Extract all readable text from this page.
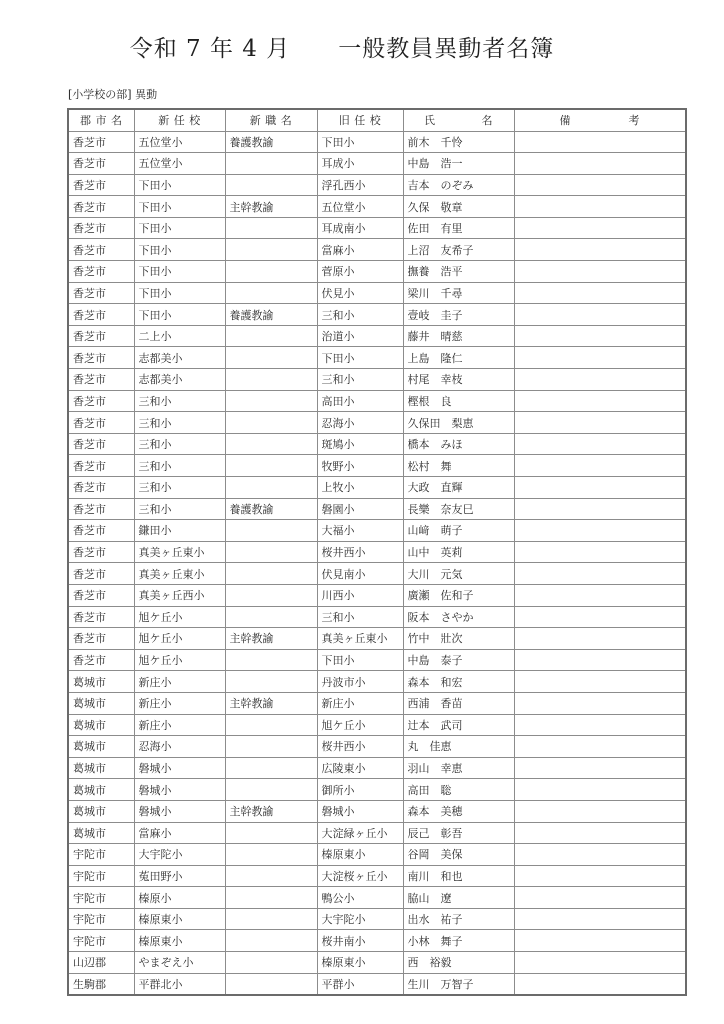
令和 7 年 4 月　　一般教員異動者名簿
[小学校の部] 異動
郡 市 名	新 任 校	新 職 名	旧 任 校	氏　　　　名	備　　　　　考
香芝市	五位堂小	養護教諭	下田小	前木　千怜	
香芝市	五位堂小		耳成小	中島　浩一	
香芝市	下田小		浮孔西小	吉本　のぞみ	
香芝市	下田小	主幹教諭	五位堂小	久保　敬章	
香芝市	下田小		耳成南小	佐田　有里	
香芝市	下田小		當麻小	上沼　友希子	
香芝市	下田小		菅原小	撫養　浩平	
香芝市	下田小		伏見小	梁川　千尋	
香芝市	下田小	養護教諭	三和小	壹岐　圭子	
香芝市	二上小		治道小	藤井　晴慈	
香芝市	志都美小		下田小	上島　隆仁	
香芝市	志都美小		三和小	村尾　幸枝	
香芝市	三和小		高田小	樫根　良	
香芝市	三和小		忍海小	久保田　梨恵	
香芝市	三和小		斑鳩小	橋本　みほ	
香芝市	三和小		牧野小	松村　舞	
香芝市	三和小		上牧小	大政　直輝	
香芝市	三和小	養護教諭	磐園小	長樂　奈友巳	
香芝市	鎌田小		大福小	山﨑　萌子	
香芝市	真美ヶ丘東小		桜井西小	山中　英莉	
香芝市	真美ヶ丘東小		伏見南小	大川　元気	
香芝市	真美ヶ丘西小		川西小	廣瀬　佐和子	
香芝市	旭ケ丘小		三和小	阪本　さやか	
香芝市	旭ケ丘小	主幹教諭	真美ヶ丘東小	竹中　壯次	
香芝市	旭ケ丘小		下田小	中島　泰子	
葛城市	新庄小		丹波市小	森本　和宏	
葛城市	新庄小	主幹教諭	新庄小	西浦　香苗	
葛城市	新庄小		旭ケ丘小	辻本　武司	
葛城市	忍海小		桜井西小	丸　佳恵	
葛城市	磐城小		広陵東小	羽山　幸恵	
葛城市	磐城小		御所小	高田　聡	
葛城市	磐城小	主幹教諭	磐城小	森本　美穂	
葛城市	當麻小		大淀緑ヶ丘小	辰己　彰吾	
宇陀市	大宇陀小		榛原東小	谷岡　美保	
宇陀市	菟田野小		大淀桜ヶ丘小	南川　和也	
宇陀市	榛原小		鴨公小	脇山　遼	
宇陀市	榛原東小		大宇陀小	出水　祐子	
宇陀市	榛原東小		桜井南小	小林　舞子	
山辺郡	やまぞえ小		榛原東小	西　裕毅	
生駒郡	平群北小		平群小	生川　万智子	
